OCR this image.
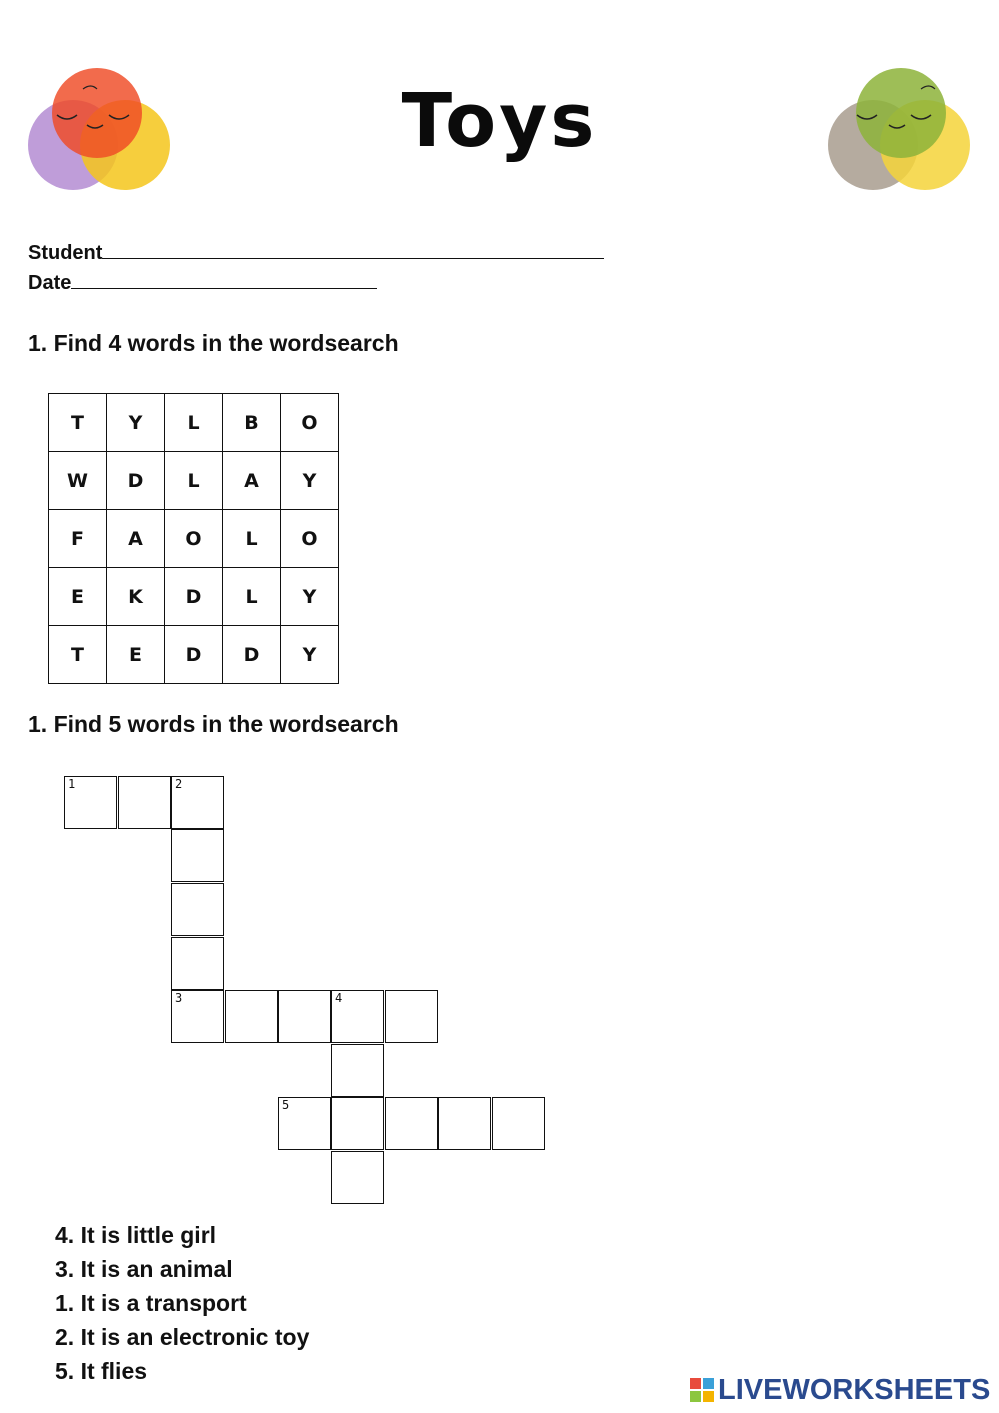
Toys
Student
Date
1. Find 4 words in the wordsearch
T	Y	L	B	O
W	D	L	A	Y
F	A	O	L	O
E	K	D	L	Y
T	E	D	D	Y
1. Find 5 words in the wordsearch
1	2
3	4
5

4. It is little girl

3. It is an animal

1. It is a transport

2. It is an electronic toy

5. It flies

LIVEWORKSHEETS
